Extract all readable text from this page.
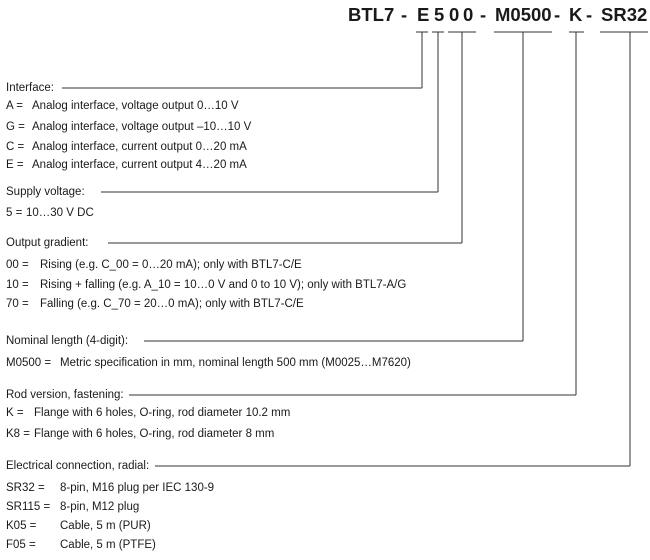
BTL7 - E 5 0 0 - M0500 - K - SR32
Interface:
A = Analog interface, voltage output 0…10 V
G = Analog interface, voltage output –10…10 V
C = Analog interface, current output 0…20 mA
E = Analog interface, current output 4…20 mA
Supply voltage:
5 = 10…30 V DC
Output gradient:
00 = Rising (e.g. C_00 = 0…20 mA); only with BTL7-C/E
10 = Rising + falling (e.g. A_10 = 10…0 V and 0 to 10 V); only with BTL7-A/G
70 = Falling (e.g. C_70 = 20…0 mA); only with BTL7-C/E
Nominal length (4-digit):
M0500 = Metric specification in mm, nominal length 500 mm (M0025…M7620)
Rod version, fastening:
K = Flange with 6 holes, O-ring, rod diameter 10.2 mm
K8 = Flange with 6 holes, O-ring, rod diameter 8 mm
Electrical connection, radial:
SR32 = 8-pin, M16 plug per IEC 130-9
SR115 = 8-pin, M12 plug
K05 = Cable, 5 m (PUR)
F05 = Cable, 5 m (PTFE)
